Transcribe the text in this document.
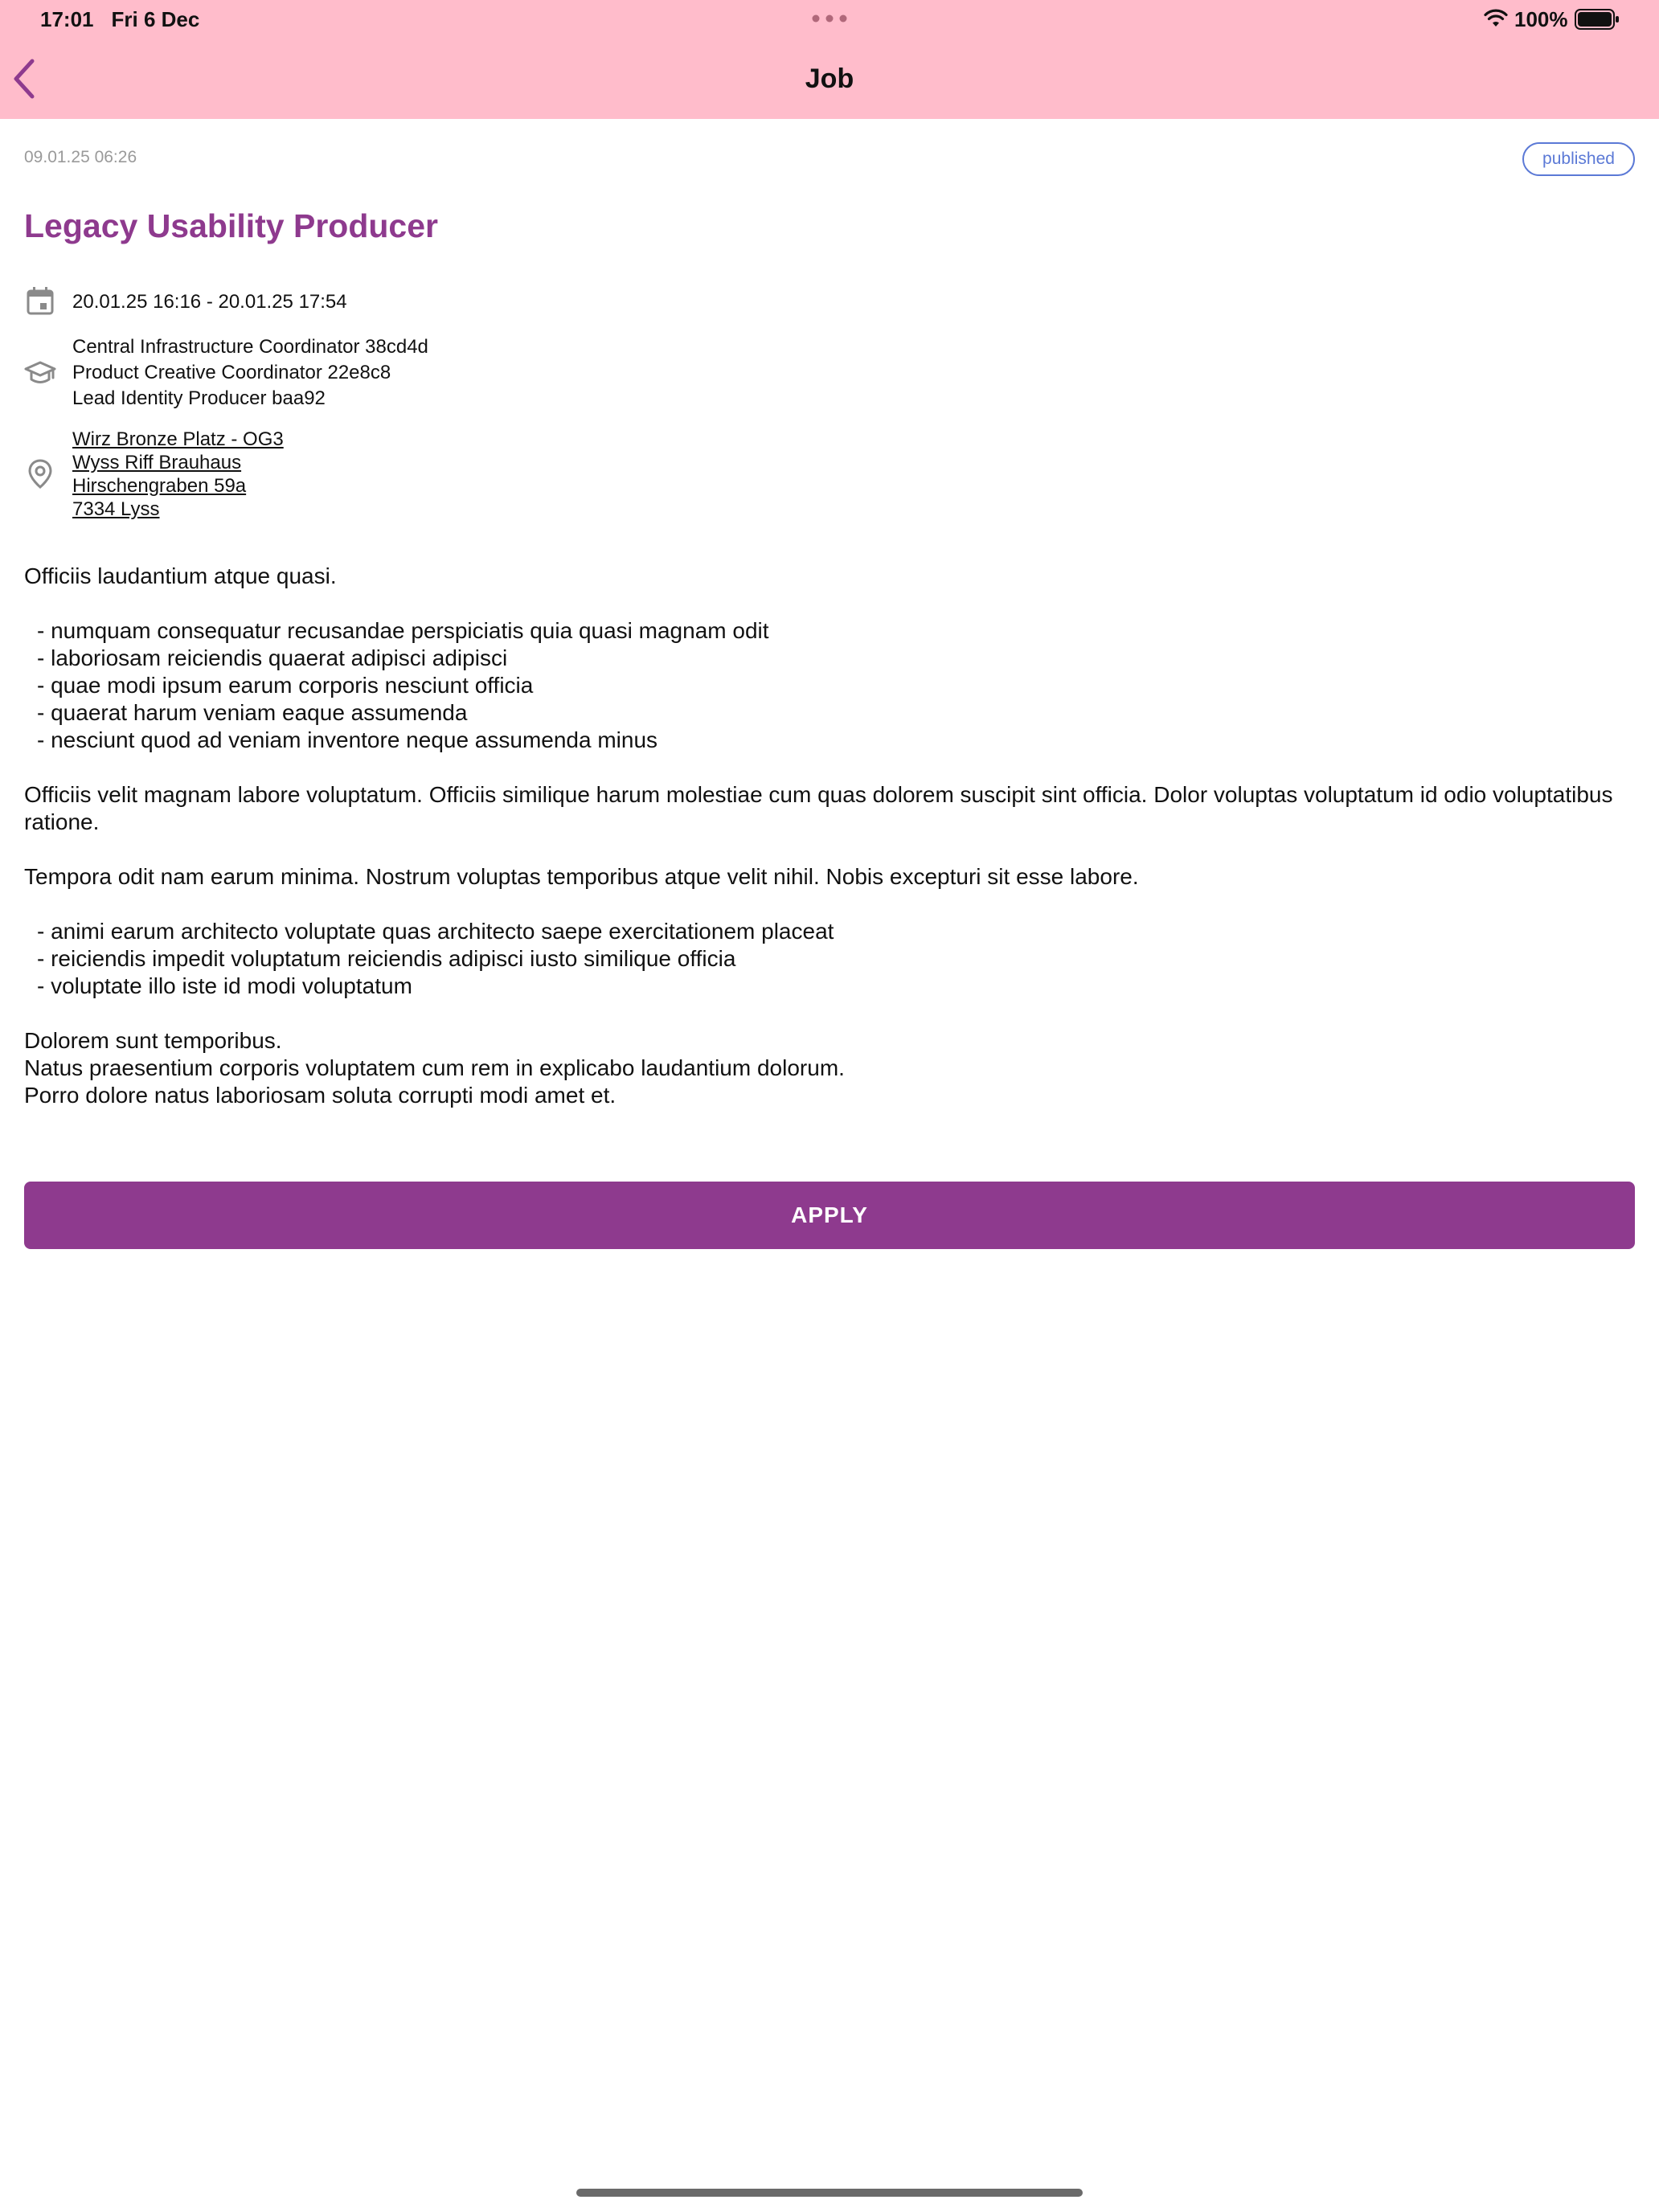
17:01 Fri 6 Dec	100%
Job
09.01.25 06:26	published
Legacy Usability Producer
20.01.25 16:16 - 20.01.25 17:54
Central Infrastructure Coordinator 38cd4d
Product Creative Coordinator 22e8c8
Lead Identity Producer baa92
Wirz Bronze Platz - OG3
Wyss Riff Brauhaus
Hirschengraben 59a
7334 Lyss

Officiis laudantium atque quasi.

- numquam consequatur recusandae perspiciatis quia quasi magnam odit
- laboriosam reiciendis quaerat adipisci adipisci
- quae modi ipsum earum corporis nesciunt officia
- quaerat harum veniam eaque assumenda
- nesciunt quod ad veniam inventore neque assumenda minus

Officiis velit magnam labore voluptatum. Officiis similique harum molestiae cum quas dolorem suscipit sint officia. Dolor voluptas voluptatum id odio voluptatibus ratione.

Tempora odit nam earum minima. Nostrum voluptas temporibus atque velit nihil. Nobis excepturi sit esse labore.

- animi earum architecto voluptate quas architecto saepe exercitationem placeat
- reiciendis impedit voluptatum reiciendis adipisci iusto similique officia
- voluptate illo iste id modi voluptatum

Dolorem sunt temporibus.
Natus praesentium corporis voluptatem cum rem in explicabo laudantium dolorum.
Porro dolore natus laboriosam soluta corrupti modi amet et.

APPLY
